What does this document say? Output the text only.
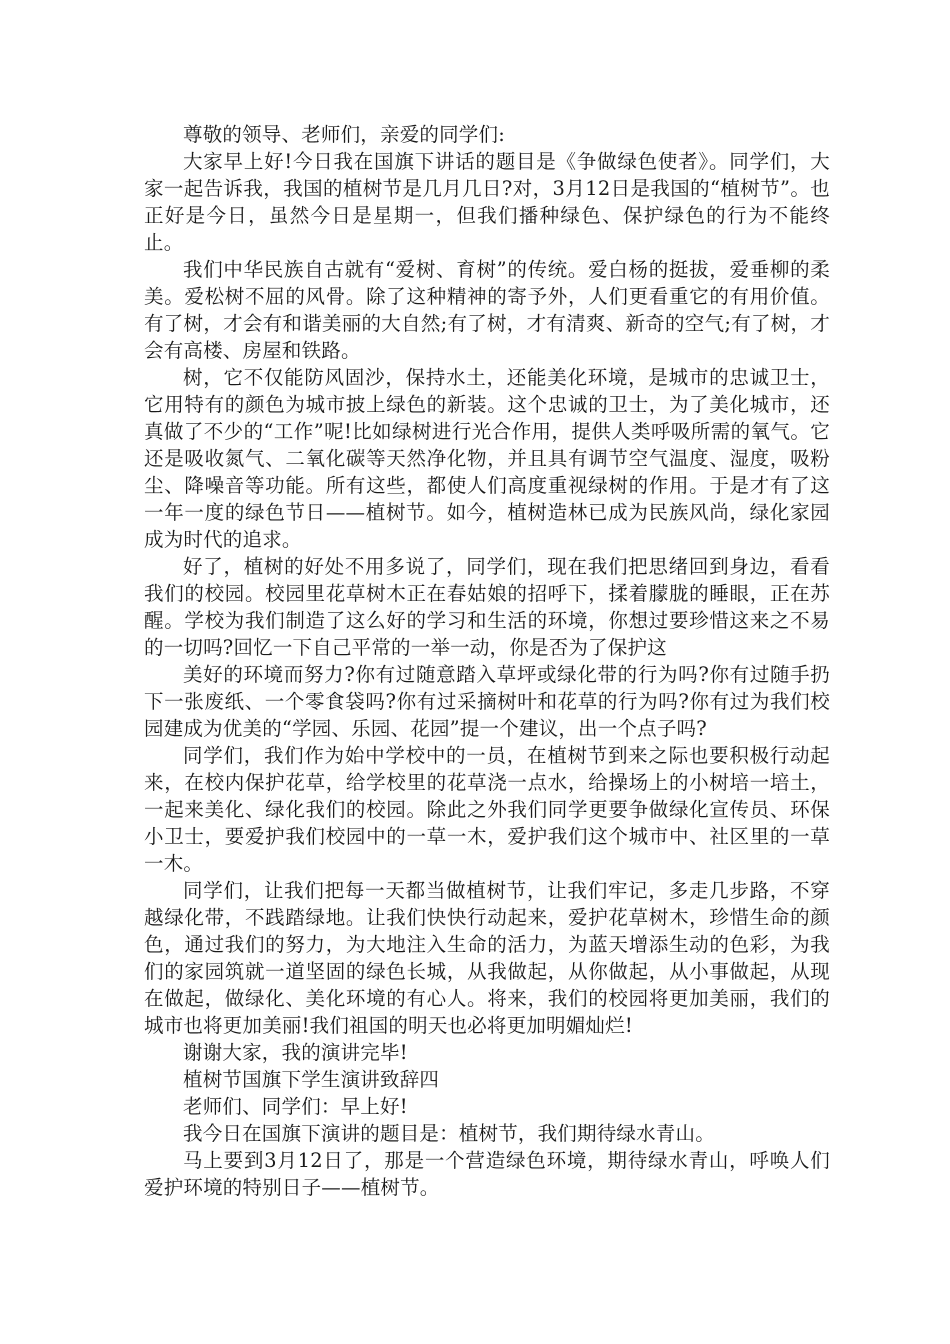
尊敬的领导、老师们，亲爱的同学们:

大家早上好!今日我在国旗下讲话的题目是《争做绿色使者》。同学们，大家一起告诉我，我国的植树节是几月几日?对，3月12日是我国的“植树节”。也正好是今日，虽然今日是星期一，但我们播种绿色、保护绿色的行为不能终止。

我们中华民族自古就有“爱树、育树”的传统。爱白杨的挺拔，爱垂柳的柔美。爱松树不屈的风骨。除了这种精神的寄予外，人们更看重它的有用价值。有了树，才会有和谐美丽的大自然;有了树，才有清爽、新奇的空气;有了树，才会有高楼、房屋和铁路。

树，它不仅能防风固沙，保持水土，还能美化环境，是城市的忠诚卫士，它用特有的颜色为城市披上绿色的新装。这个忠诚的卫士，为了美化城市，还真做了不少的“工作”呢!比如绿树进行光合作用，提供人类呼吸所需的氧气。它还是吸收氮气、二氧化碳等天然净化物，并且具有调节空气温度、湿度，吸粉尘、降噪音等功能。所有这些，都使人们高度重视绿树的作用。于是才有了这一年一度的绿色节日——植树节。如今，植树造林已成为民族风尚，绿化家园成为时代的追求。

好了，植树的好处不用多说了，同学们，现在我们把思绪回到身边，看看我们的校园。校园里花草树木正在春姑娘的招呼下，揉着朦胧的睡眼，正在苏醒。学校为我们制造了这么好的学习和生活的环境，你想过要珍惜这来之不易的一切吗?回忆一下自己平常的一举一动，你是否为了保护这

美好的环境而努力?你有过随意踏入草坪或绿化带的行为吗?你有过随手扔下一张废纸、一个零食袋吗?你有过采摘树叶和花草的行为吗?你有过为我们校园建成为优美的“学园、乐园、花园”提一个建议，出一个点子吗?

同学们，我们作为始中学校中的一员，在植树节到来之际也要积极行动起来，在校内保护花草，给学校里的花草浇一点水，给操场上的小树培一培土，一起来美化、绿化我们的校园。除此之外我们同学更要争做绿化宣传员、环保小卫士，要爱护我们校园中的一草一木，爱护我们这个城市中、社区里的一草一木。

同学们，让我们把每一天都当做植树节，让我们牢记，多走几步路，不穿越绿化带，不践踏绿地。让我们快快行动起来，爱护花草树木，珍惜生命的颜色，通过我们的努力，为大地注入生命的活力，为蓝天增添生动的色彩，为我们的家园筑就一道坚固的绿色长城，从我做起，从你做起，从小事做起，从现在做起，做绿化、美化环境的有心人。将来，我们的校园将更加美丽，我们的城市也将更加美丽!我们祖国的明天也必将更加明媚灿烂!

谢谢大家，我的演讲完毕!

植树节国旗下学生演讲致辞四

老师们、同学们：早上好!

我今日在国旗下演讲的题目是：植树节，我们期待绿水青山。

马上要到3月12日了，那是一个营造绿色环境，期待绿水青山，呼唤人们爱护环境的特别日子——植树节。
